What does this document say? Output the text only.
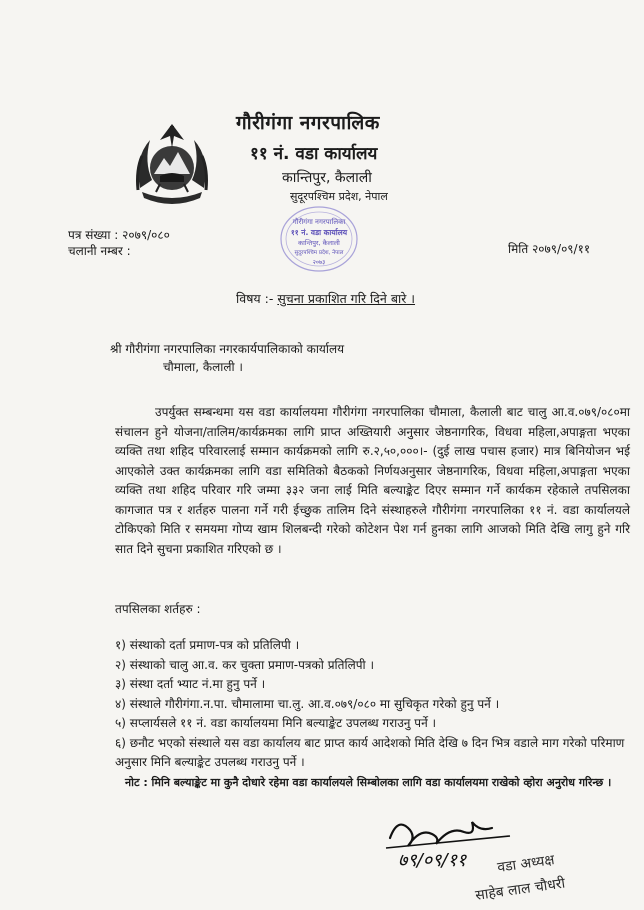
गौरीगंगा नगरपालिक
११ नं. वडा कार्यालय
कान्तिपुर, कैलाली
सुदूरपश्चिम प्रदेश, नेपाल
पत्र संख्या : २०७९/०८०
चलानी नम्बर :	मिति २०७९/०९/११
गौरीगंगा नगरपालिका
११ नं. वडा कार्यालय
कान्तिपुर, कैलाली
सुदूरपश्चिम प्रदेश, नेपाल
२०७३
विषय :- सुचना प्रकाशित गरि दिने बारे ।
श्री गौरीगंगा नगरपालिका नगरकार्यपालिकाको कार्यालय
चौमाला, कैलाली ।
उपर्युक्त सम्बन्धमा यस वडा कार्यालयमा गौरीगंगा नगरपालिका चौमाला, कैलाली बाट चालु आ.व.०७९/०८०मा संचालन हुने योजना/तालिम/कार्यक्रमका लागि प्राप्त अख्तियारी अनुसार जेष्ठनागरिक, विधवा महिला,अपाङ्गता भएका व्यक्ति तथा शहिद परिवारलाई सम्मान कार्यक्रमको लागि रु.२,५०,०००।- (दुई लाख पचास हजार) मात्र बिनियोजन भई आएकोले उक्त कार्यक्रमका लागि वडा समितिको बैठकको निर्णयअनुसार जेष्ठनागरिक, विधवा महिला,अपाङ्गता भएका व्यक्ति तथा शहिद परिवार गरि जम्मा ३३२ जना लाई मिति बल्याङ्केट दिएर सम्मान गर्ने कार्यकम रहेकाले तपसिलका कागजात पत्र र शर्तहरु पालना गर्ने गरी ईच्छुक तालिम दिने संस्थाहरुले गौरीगंगा नगरपालिका ११ नं. वडा कार्यालयले टोकिएको मिति र समयमा गोप्य खाम शिलबन्दी गरेको कोटेशन पेश गर्न हुनका लागि आजको मिति देखि लागु हुने गरि सात दिने सुचना प्रकाशित गरिएको छ ।
तपसिलका शर्तहरु :
१) संस्थाको दर्ता प्रमाण-पत्र को प्रतिलिपी ।
२) संस्थाको चालु आ.व. कर चुक्ता प्रमाण-पत्रको प्रतिलिपी ।
३) संस्था दर्ता भ्याट नं.मा हुनु पर्ने ।
४) संस्थाले गौरीगंगा.न.पा. चौमालामा चा.लु. आ.व.०७९/०८० मा सुचिकृत गरेको हुनु पर्ने ।
५) सप्लार्यसले ११ नं. वडा कार्यालयमा मिनि बल्याङ्केट उपलब्ध गराउनु पर्ने ।
६) छनौट भएको संस्थाले यस वडा कार्यालय बाट प्राप्त कार्य आदेशको मिति देखि ७ दिन भित्र वडाले माग गरेको परिमाण अनुसार मिनि बल्याङ्केट उपलब्ध गराउनु पर्ने ।
नोट : मिनि बल्याङ्केट मा कुनै दोधारे रहेमा वडा कार्यालयले सिम्बोलका लागि वडा कार्यालयमा राखेको व्होरा अनुरोध गरिन्छ ।
७९/०९/११ वडा अध्यक्ष
साहेब लाल चौधरी
